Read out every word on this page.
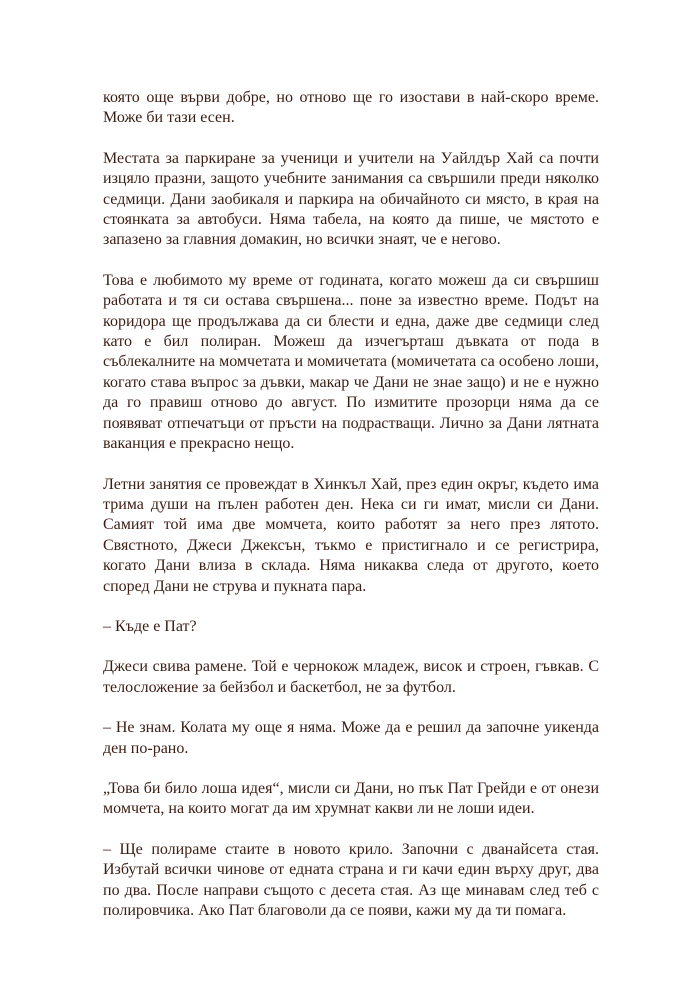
която още върви добре, но отново ще го изостави в най-скоро време. Може би тази есен.

Местата за паркиране за ученици и учители на Уайлдър Хай са почти изцяло празни, защото учебните занимания са свършили преди няколко седмици. Дани заобикаля и паркира на обичайното си място, в края на стоянката за автобуси. Няма табела, на която да пише, че мястото е запазено за главния домакин, но всички знаят, че е негово.

Това е любимото му време от годината, когато можеш да си свършиш работата и тя си остава свършена... поне за известно време. Подът на коридора ще продължава да си блести и една, даже две седмици след като е бил полиран. Можеш да изчегърташ дъвката от пода в съблекалните на момчетата и момичетата (момичетата са особено лоши, когато става въпрос за дъвки, макар че Дани не знае защо) и не е нужно да го правиш отново до август. По измитите прозорци няма да се появяват отпечатъци от пръсти на подрастващи. Лично за Дани лятната ваканция е прекрасно нещо.

Летни занятия се провеждат в Хинкъл Хай, през един окръг, където има трима души на пълен работен ден. Нека си ги имат, мисли си Дани. Самият той има две момчета, които работят за него през лятото. Свястното, Джеси Джексън, тъкмо е пристигнало и се регистрира, когато Дани влиза в склада. Няма никаква следа от другото, което според Дани не струва и пукната пара.

– Къде е Пат?

Джеси свива рамене. Той е чернокож младеж, висок и строен, гъвкав. С телосложение за бейзбол и баскетбол, не за футбол.

– Не знам. Колата му още я няма. Може да е решил да започне уикенда ден по-рано.

„Това би било лоша идея“, мисли си Дани, но пък Пат Грейди е от онези момчета, на които могат да им хрумнат какви ли не лоши идеи.

– Ще полираме стаите в новото крило. Започни с дванайсета стая. Избутай всички чинове от едната страна и ги качи един върху друг, два по два. После направи същото с десета стая. Аз ще минавам след теб с полировчика. Ако Пат благоволи да се появи, кажи му да ти помага.
